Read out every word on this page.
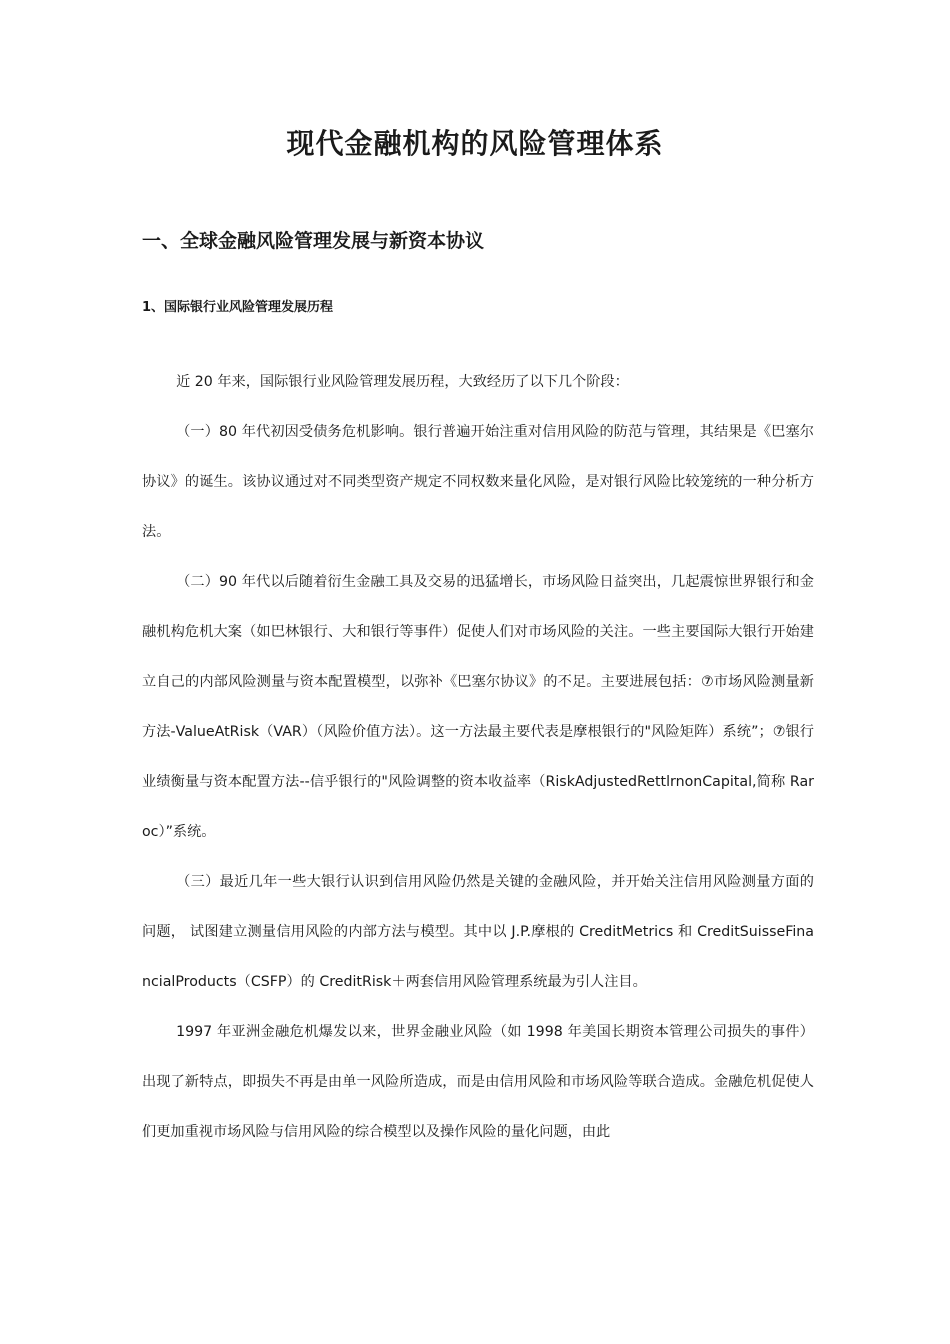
现代金融机构的风险管理体系
一、全球金融风险管理发展与新资本协议
1、国际银行业风险管理发展历程

近 20 年来，国际银行业风险管理发展历程，大致经历了以下几个阶段：

（一）80 年代初因受债务危机影响。银行普遍开始注重对信用风险的防范与管理，其结果是《巴塞尔协议》的诞生。该协议通过对不同类型资产规定不同权数来量化风险，是对银行风险比较笼统的一种分析方法。

（二）90 年代以后随着衍生金融工具及交易的迅猛增长，市场风险日益突出，几起震惊世界银行和金融机构危机大案（如巴林银行、大和银行等事件）促使人们对市场风险的关注。一些主要国际大银行开始建立自己的内部风险测量与资本配置模型，以弥补《巴塞尔协议》的不足。主要进展包括：⑦市场风险测量新方法-ValueAtRisk（VAR）（风险价值方法）。这一方法最主要代表是摩根银行的"风险矩阵）系统”；⑦银行业绩衡量与资本配置方法--信乎银行的"风险调整的资本收益率（RiskAdjustedRettlrnonCapital,简称 Raroc）”系统。

（三）最近几年一些大银行认识到信用风险仍然是关键的金融风险，并开始关注信用风险测量方面的问题， 试图建立测量信用风险的内部方法与模型。其中以 J.P.摩根的 CreditMetrics 和 CreditSuisseFinancialProducts（CSFP）的 CreditRisk＋两套信用风险管理系统最为引人注目。

1997 年亚洲金融危机爆发以来，世界金融业风险（如 1998 年美国长期资本管理公司损失的事件）出现了新特点，即损失不再是由单一风险所造成，而是由信用风险和市场风险等联合造成。金融危机促使人们更加重视市场风险与信用风险的综合模型以及操作风险的量化问题，由此
